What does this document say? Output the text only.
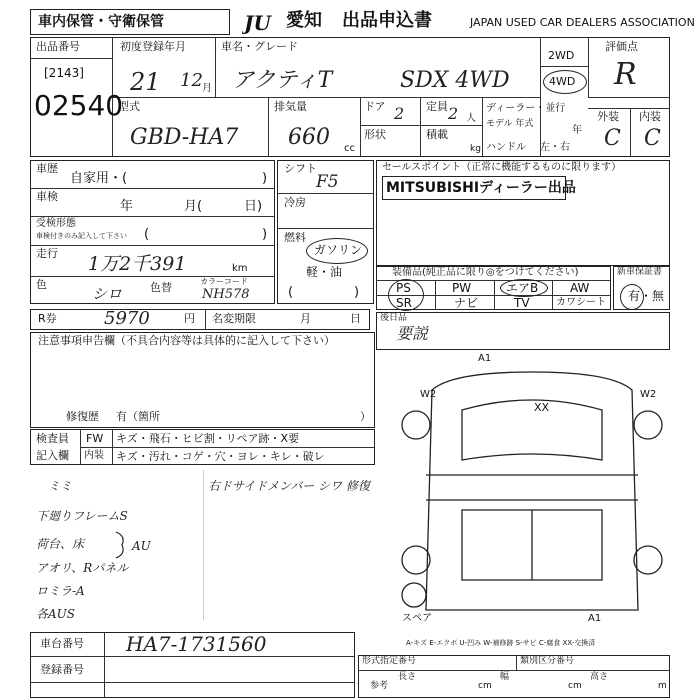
車内保管・守衛保管	JU 愛知 出品申込書	JAPAN USED CAR DEALERS ASSOCIATION
出品番号
[2143]
02540
初度登録年月
21 12 月
車名・グレード
アクティT	SDX 4WD
2WD
4WD
評価点
R
外装 内装
C C
型式
GBD-HA7
排気量
660 cc
ドア 2 定員 2 人
形状	積載
kg
ディーラー・並行
モデル 年式
年
ハンドル 左・右
車歴
自家用・(	)
車検
年	月(	日)
受検形態
車検付きのみ記入して下さい (	)
走行 1万2千391	km
色
シロ	色替	カラーコード
NH578
シフト
F5
冷房
燃料
ガソリン
軽・油
(	)
セールスポイント（正常に機能するものに限ります）
MITSUBISHIディーラー出品
装備品(純正品に限り◎をつけてください)
PS	PW	エアB	AW
SR	ナビ	TV	カワシート
新車保証書
有・無
R券	5970	円 名変期限	月	日 後日品
要説
注意事項申告欄（不具合内容等は具体的に記入して下さい）
修復歴 有（箇所	）
検査員
記入欄
FW キズ・飛石・ヒビ割・リペア跡・X要
内装 キズ・汚れ・コゲ・穴・ヨレ・キレ・破レ
ミミ	右ドサイドメンバー シワ 修復
下廻りフレームS
荷台、床	AU
アオリ、Rパネル
ロミラ-A
各AUS
A1
W2	W2
XX
A1
スペア
A-キズ E-エクボ U-凹み W-補修跡 S-サビ C-腐食 XX-交換済
車台番号 HA7-1731560
登録番号
形式指定番号	類別区分番号
参考
長さ
cm
幅
cm
高さ
m
